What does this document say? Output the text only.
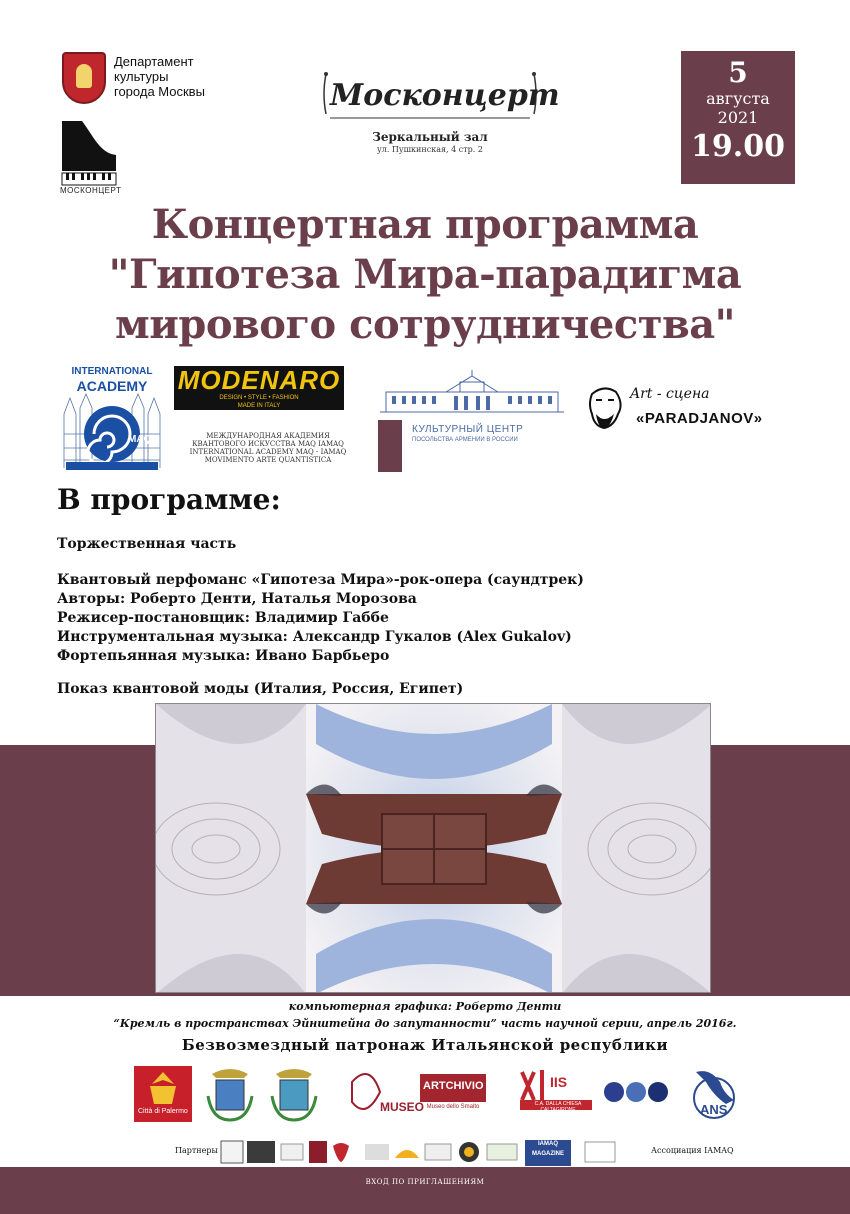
Департамент
культуры
города Москвы
МОСКОНЦЕРТ
Москонцерт
Зеркальный зал
ул. Пушкинская, 4 стр. 2
5
августа
2021
19.00
Концертная программа
"Гипотеза Мира-парадигма
мирового сотрудничества"
INTERNATIONAL
ACADEMY
MAQ
MODENARO
DESIGN • STYLE • FASHION
MADE IN ITALY
МЕЖДУНАРОДНАЯ АКАДЕМИЯ
КВАНТОВОГО ИСКУССТВА MAQ IAMAQ
INTERNATIONAL ACADEMY MAQ - IAMAQ
MOVIMENTO ARTE QUANTISTICA
КУЛЬТУРНЫЙ ЦЕНТР
ПОСОЛЬСТВА АРМЕНИИ В РОССИИ
Art - сцена
«PARADJANOV»
В программе:
Торжественная часть
Квантовый перфоманс «Гипотеза Мира»-рок-опера (саундтрек)
Авторы: Роберто Денти, Наталья Морозова
Режисер-постановщик: Владимир Габбе
Инструментальная музыка: Александр Гукалов (Alex Gukalov)
Фортепьянная музыка: Ивано Барбьеро
Показ квантовой моды (Италия, Россия, Египет)
компьютерная графика: Роберто Денти
“Кремль в пространствах Эйнштейна до запутанности” часть научной серии, апрель 2016г.
Безвозмездный патронаж Итальянской республики
Città di Palermo	MUSEO
ARTCHIVIO
Museo dello Smalto
IIS
C.A. DALLA CHIESA CALTAGIRONE	ANS
Партнеры
IAMAQ
MAGAZINE	Ассоциация IAMAQ
ВХОД ПО ПРИГЛАШЕНИЯМ
